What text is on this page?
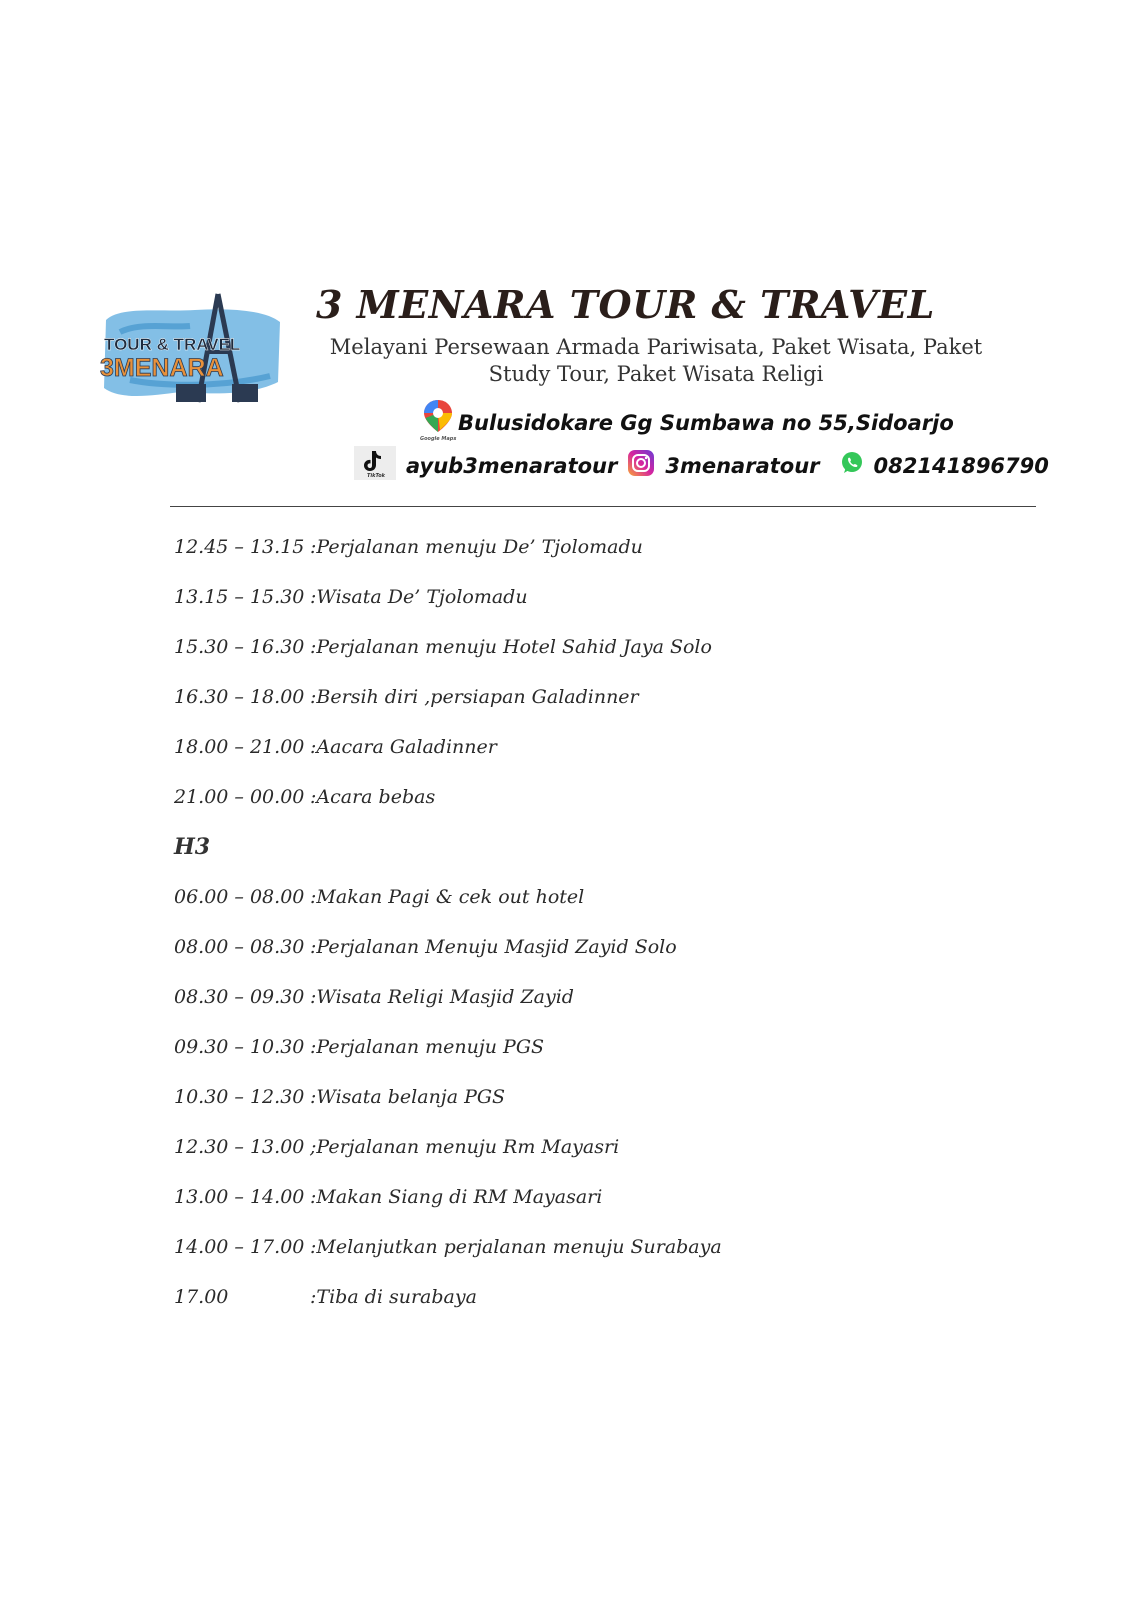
TOUR & TRAVEL
3MENARA
3 MENARA TOUR & TRAVEL
Melayani Persewaan Armada Pariwisata, Paket Wisata, Paket
Study Tour, Paket Wisata Religi
Google Maps
Bulusidokare Gg Sumbawa no 55,Sidoarjo
TikTok ayub3menaratour 3menaratour	082141896790
12.45 – 13.15 : Perjalanan menuju De’ Tjolomadu
13.15 – 15.30 : Wisata De’ Tjolomadu
15.30 – 16.30 : Perjalanan menuju Hotel Sahid Jaya Solo
16.30 – 18.00 : Bersih diri ,persiapan Galadinner
18.00 – 21.00 : Aacara Galadinner
21.00 – 00.00 : Acara bebas
H3
06.00 – 08.00 : Makan Pagi & cek out hotel
08.00 – 08.30 : Perjalanan Menuju Masjid Zayid Solo
08.30 – 09.30 : Wisata Religi Masjid Zayid
09.30 – 10.30 : Perjalanan menuju PGS
10.30 – 12.30 : Wisata belanja PGS
12.30 – 13.00 ; Perjalanan menuju Rm Mayasri
13.00 – 14.00 : Makan Siang di RM Mayasari
14.00 – 17.00 : Melanjutkan perjalanan menuju Surabaya
17.00	: Tiba di surabaya
